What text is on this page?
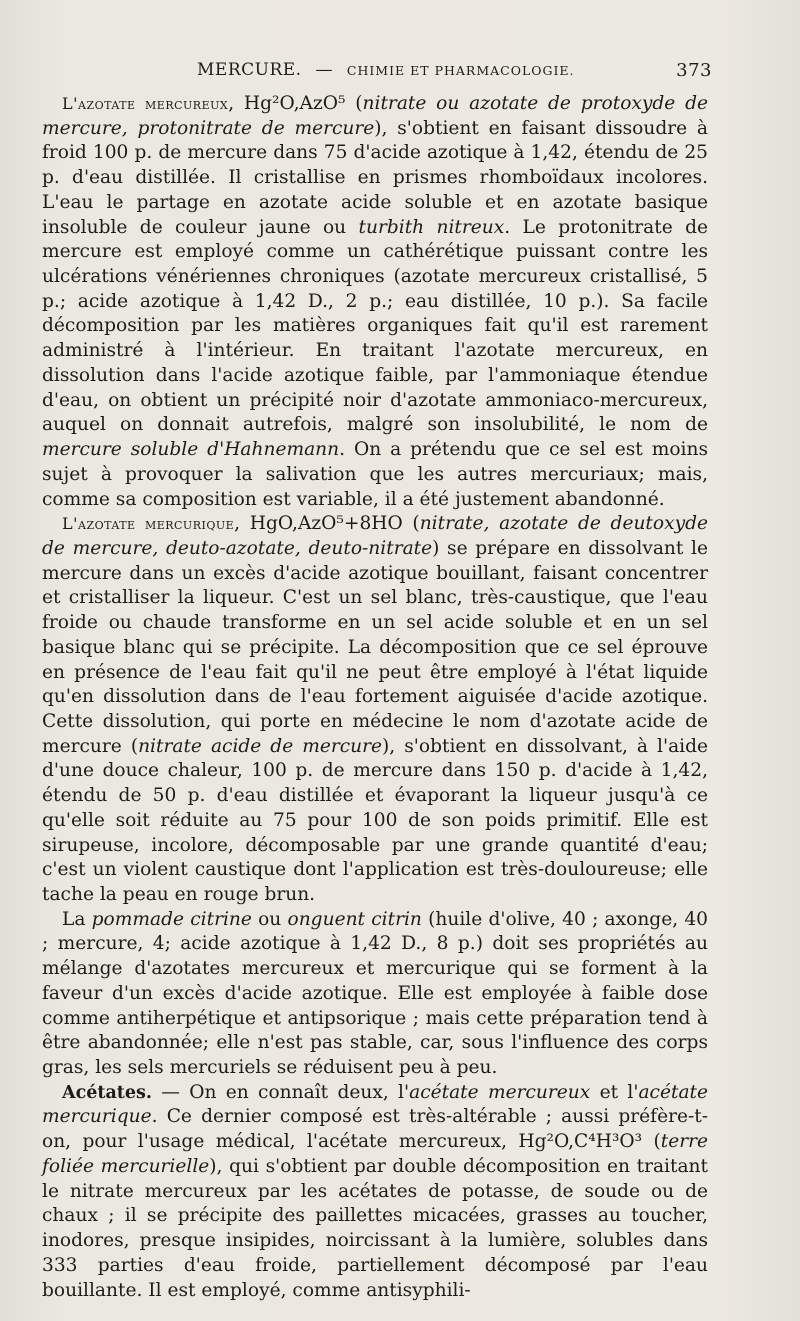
MERCURE. — CHIMIE ET PHARMACOLOGIE.	373

L'azotate mercureux, Hg²O,AzO⁵ (nitrate ou azotate de protoxyde de mercure, protonitrate de mercure), s'obtient en faisant dissoudre à froid 100 p. de mercure dans 75 d'acide azotique à 1,42, étendu de 25 p. d'eau distillée. Il cristallise en prismes rhomboïdaux incolores. L'eau le partage en azotate acide soluble et en azotate basique insoluble de couleur jaune ou turbith nitreux. Le protonitrate de mercure est employé comme un cathérétique puissant contre les ulcérations vénériennes chroniques (azotate mercureux cristallisé, 5 p.; acide azotique à 1,42 D., 2 p.; eau distillée, 10 p.). Sa facile décomposition par les matières organiques fait qu'il est rarement administré à l'intérieur. En traitant l'azotate mercureux, en dissolution dans l'acide azotique faible, par l'ammoniaque étendue d'eau, on obtient un précipité noir d'azotate ammoniaco-mercureux, auquel on donnait autrefois, malgré son insolubilité, le nom de mercure soluble d'Hahnemann. On a prétendu que ce sel est moins sujet à provoquer la salivation que les autres mercuriaux; mais, comme sa composition est variable, il a été justement abandonné.

L'azotate mercurique, HgO,AzO⁵+8HO (nitrate, azotate de deutoxyde de mercure, deuto-azotate, deuto-nitrate) se prépare en dissolvant le mercure dans un excès d'acide azotique bouillant, faisant concentrer et cristalliser la liqueur. C'est un sel blanc, très-caustique, que l'eau froide ou chaude transforme en un sel acide soluble et en un sel basique blanc qui se précipite. La décomposition que ce sel éprouve en présence de l'eau fait qu'il ne peut être employé à l'état liquide qu'en dissolution dans de l'eau fortement aiguisée d'acide azotique. Cette dissolution, qui porte en médecine le nom d'azotate acide de mercure (nitrate acide de mercure), s'obtient en dissolvant, à l'aide d'une douce chaleur, 100 p. de mercure dans 150 p. d'acide à 1,42, étendu de 50 p. d'eau distillée et évaporant la liqueur jusqu'à ce qu'elle soit réduite au 75 pour 100 de son poids primitif. Elle est sirupeuse, incolore, décomposable par une grande quantité d'eau; c'est un violent caustique dont l'application est très-douloureuse; elle tache la peau en rouge brun.

La pommade citrine ou onguent citrin (huile d'olive, 40 ; axonge, 40 ; mercure, 4; acide azotique à 1,42 D., 8 p.) doit ses propriétés au mélange d'azotates mercureux et mercurique qui se forment à la faveur d'un excès d'acide azotique. Elle est employée à faible dose comme antiherpétique et antipsorique ; mais cette préparation tend à être abandonnée; elle n'est pas stable, car, sous l'influence des corps gras, les sels mercuriels se réduisent peu à peu.

Acétates. — On en connaît deux, l'acétate mercureux et l'acétate mercurique. Ce dernier composé est très-altérable ; aussi préfère-t-on, pour l'usage médical, l'acétate mercureux, Hg²O,C⁴H³O³ (terre foliée mercurielle), qui s'obtient par double décomposition en traitant le nitrate mercureux par les acétates de potasse, de soude ou de chaux ; il se précipite des paillettes micacées, grasses au toucher, inodores, presque insipides, noircissant à la lumière, solubles dans 333 parties d'eau froide, partiellement décomposé par l'eau bouillante. Il est employé, comme antisyphili-
